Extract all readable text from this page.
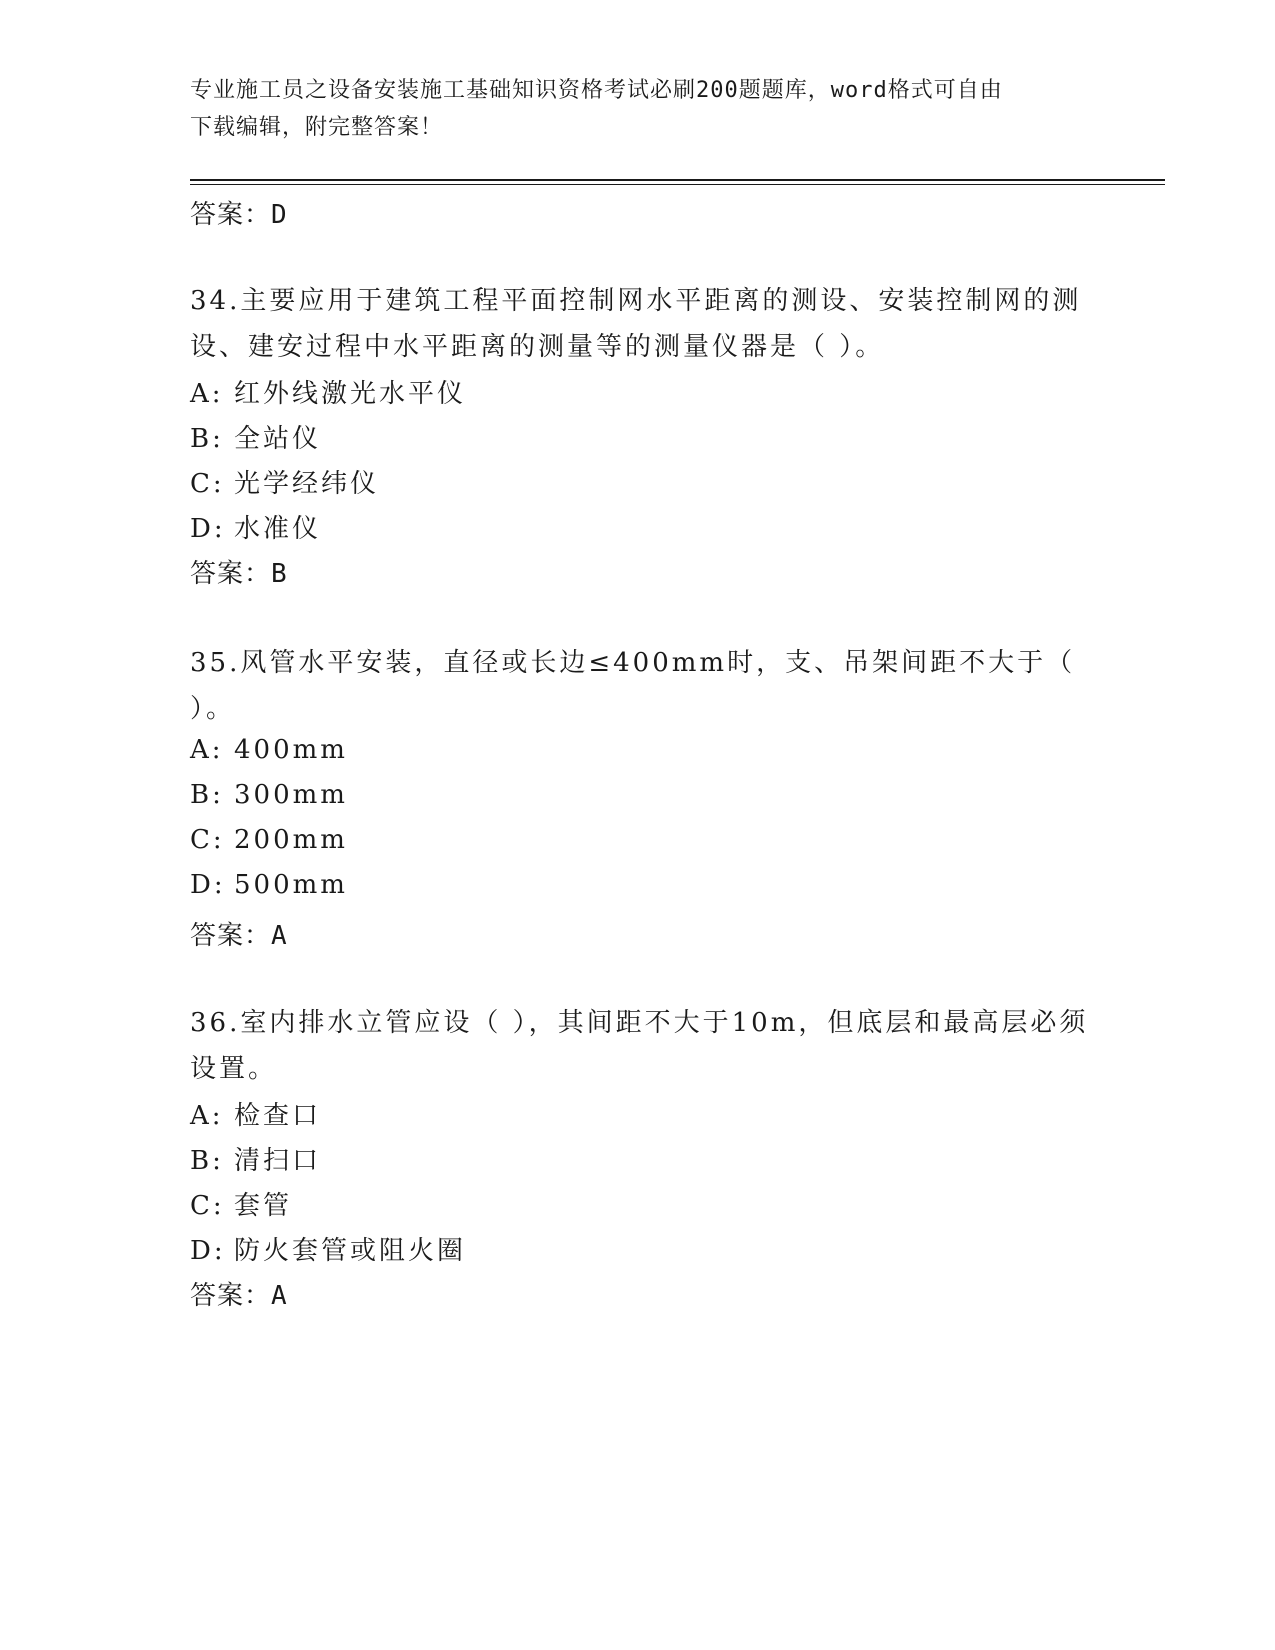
专业施工员之设备安装施工基础知识资格考试必刷200题题库，word格式可自由
下载编辑，附完整答案！
答案：D
34.主要应用于建筑工程平面控制网水平距离的测设、安装控制网的测设、建安过程中水平距离的测量等的测量仪器是（ ）。
A: 红外线激光水平仪
B: 全站仪
C: 光学经纬仪
D: 水准仪
答案：B
35.风管水平安装，直径或长边≤400mm时，支、吊架间距不大于（ ）。
A: 400mm
B: 300mm
C: 200mm
D: 500mm
答案：A
36.室内排水立管应设（ ），其间距不大于10m，但底层和最高层必须设置。
A: 检查口
B: 清扫口
C: 套管
D: 防火套管或阻火圈
答案：A
